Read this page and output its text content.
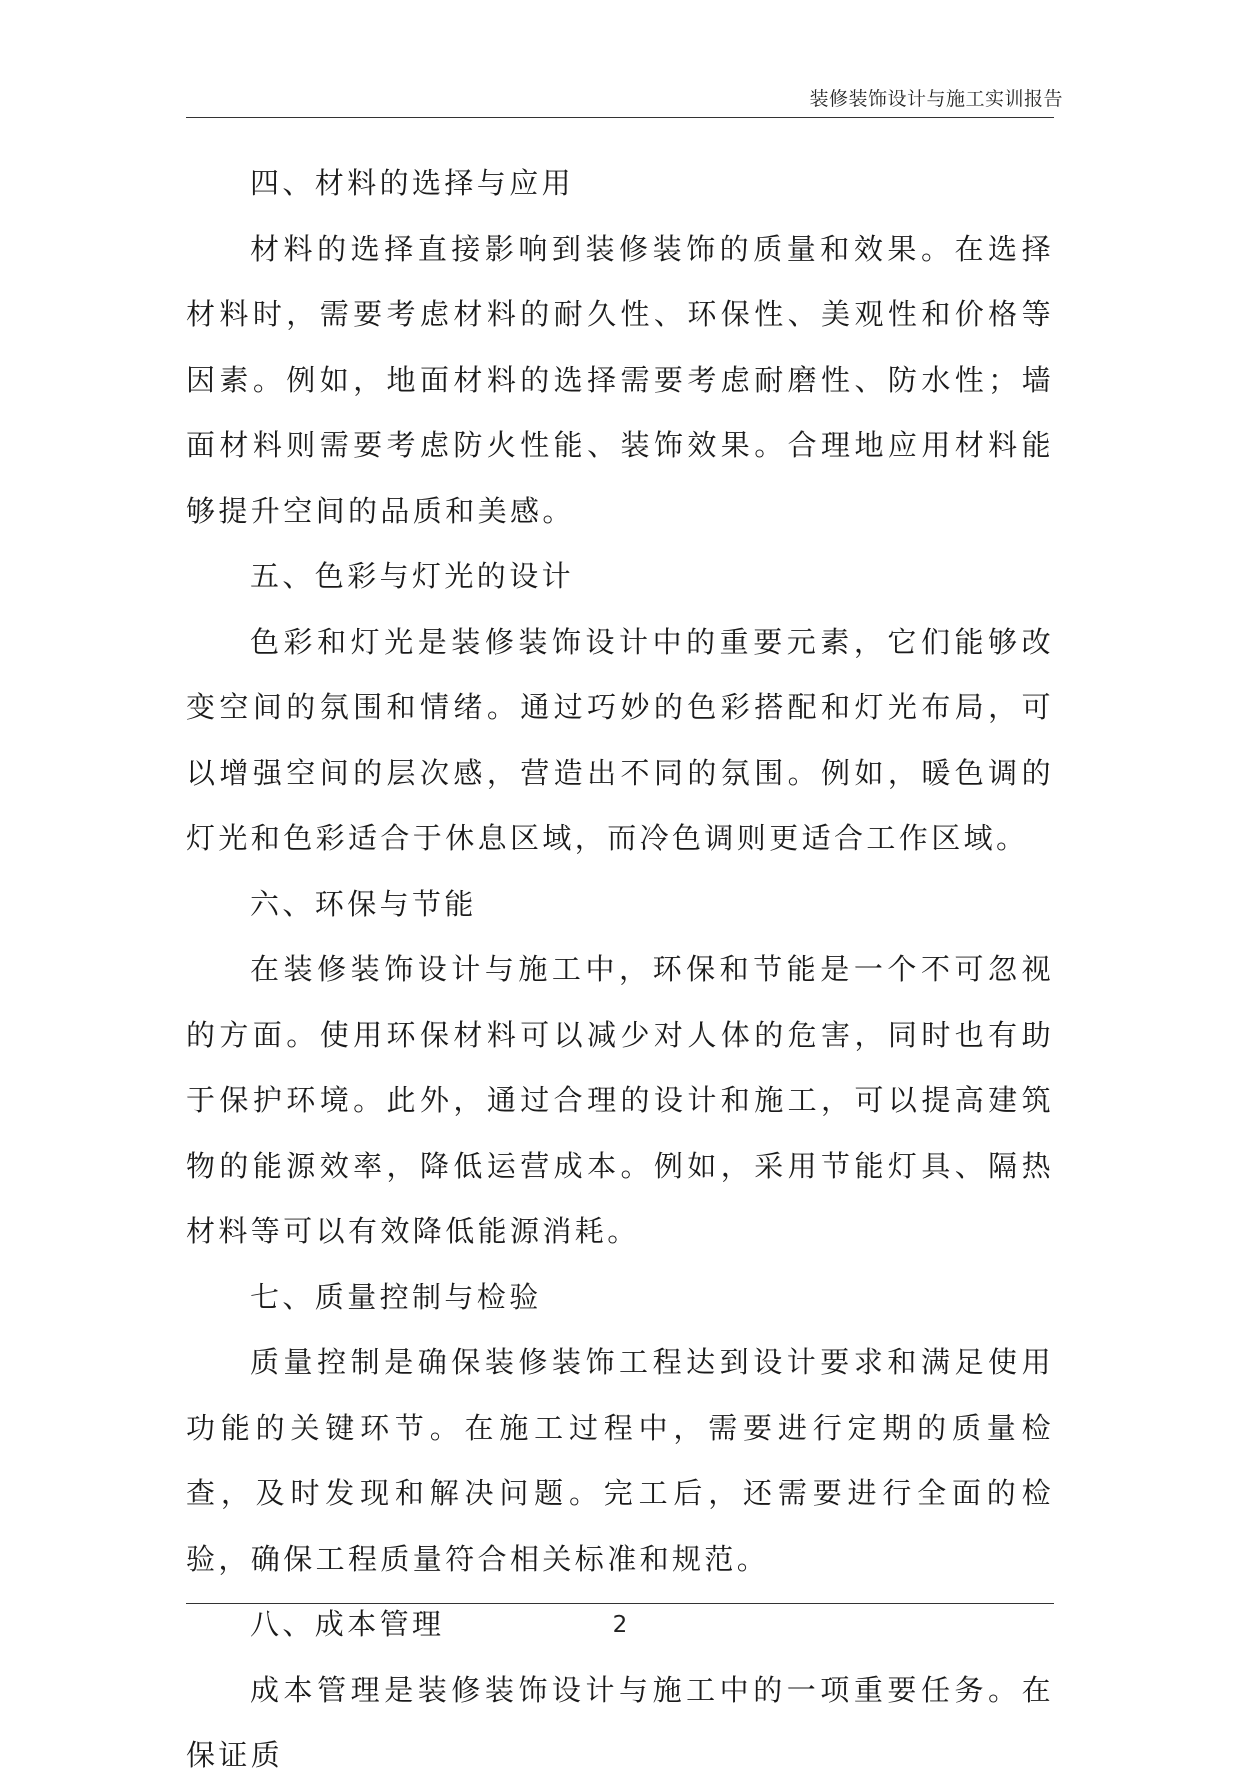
装修装饰设计与施工实训报告

四、材料的选择与应用

材料的选择直接影响到装修装饰的质量和效果。在选择材料时，需要考虑材料的耐久性、环保性、美观性和价格等因素。例如，地面材料的选择需要考虑耐磨性、防水性；墙面材料则需要考虑防火性能、装饰效果。合理地应用材料能够提升空间的品质和美感。

五、色彩与灯光的设计

色彩和灯光是装修装饰设计中的重要元素，它们能够改变空间的氛围和情绪。通过巧妙的色彩搭配和灯光布局，可以增强空间的层次感，营造出不同的氛围。例如，暖色调的灯光和色彩适合于休息区域，而冷色调则更适合工作区域。

六、环保与节能

在装修装饰设计与施工中，环保和节能是一个不可忽视的方面。使用环保材料可以减少对人体的危害，同时也有助于保护环境。此外，通过合理的设计和施工，可以提高建筑物的能源效率，降低运营成本。例如，采用节能灯具、隔热材料等可以有效降低能源消耗。

七、质量控制与检验

质量控制是确保装修装饰工程达到设计要求和满足使用功能的关键环节。在施工过程中，需要进行定期的质量检查，及时发现和解决问题。完工后，还需要进行全面的检验，确保工程质量符合相关标准和规范。

八、成本管理

成本管理是装修装饰设计与施工中的一项重要任务。在保证质

2
